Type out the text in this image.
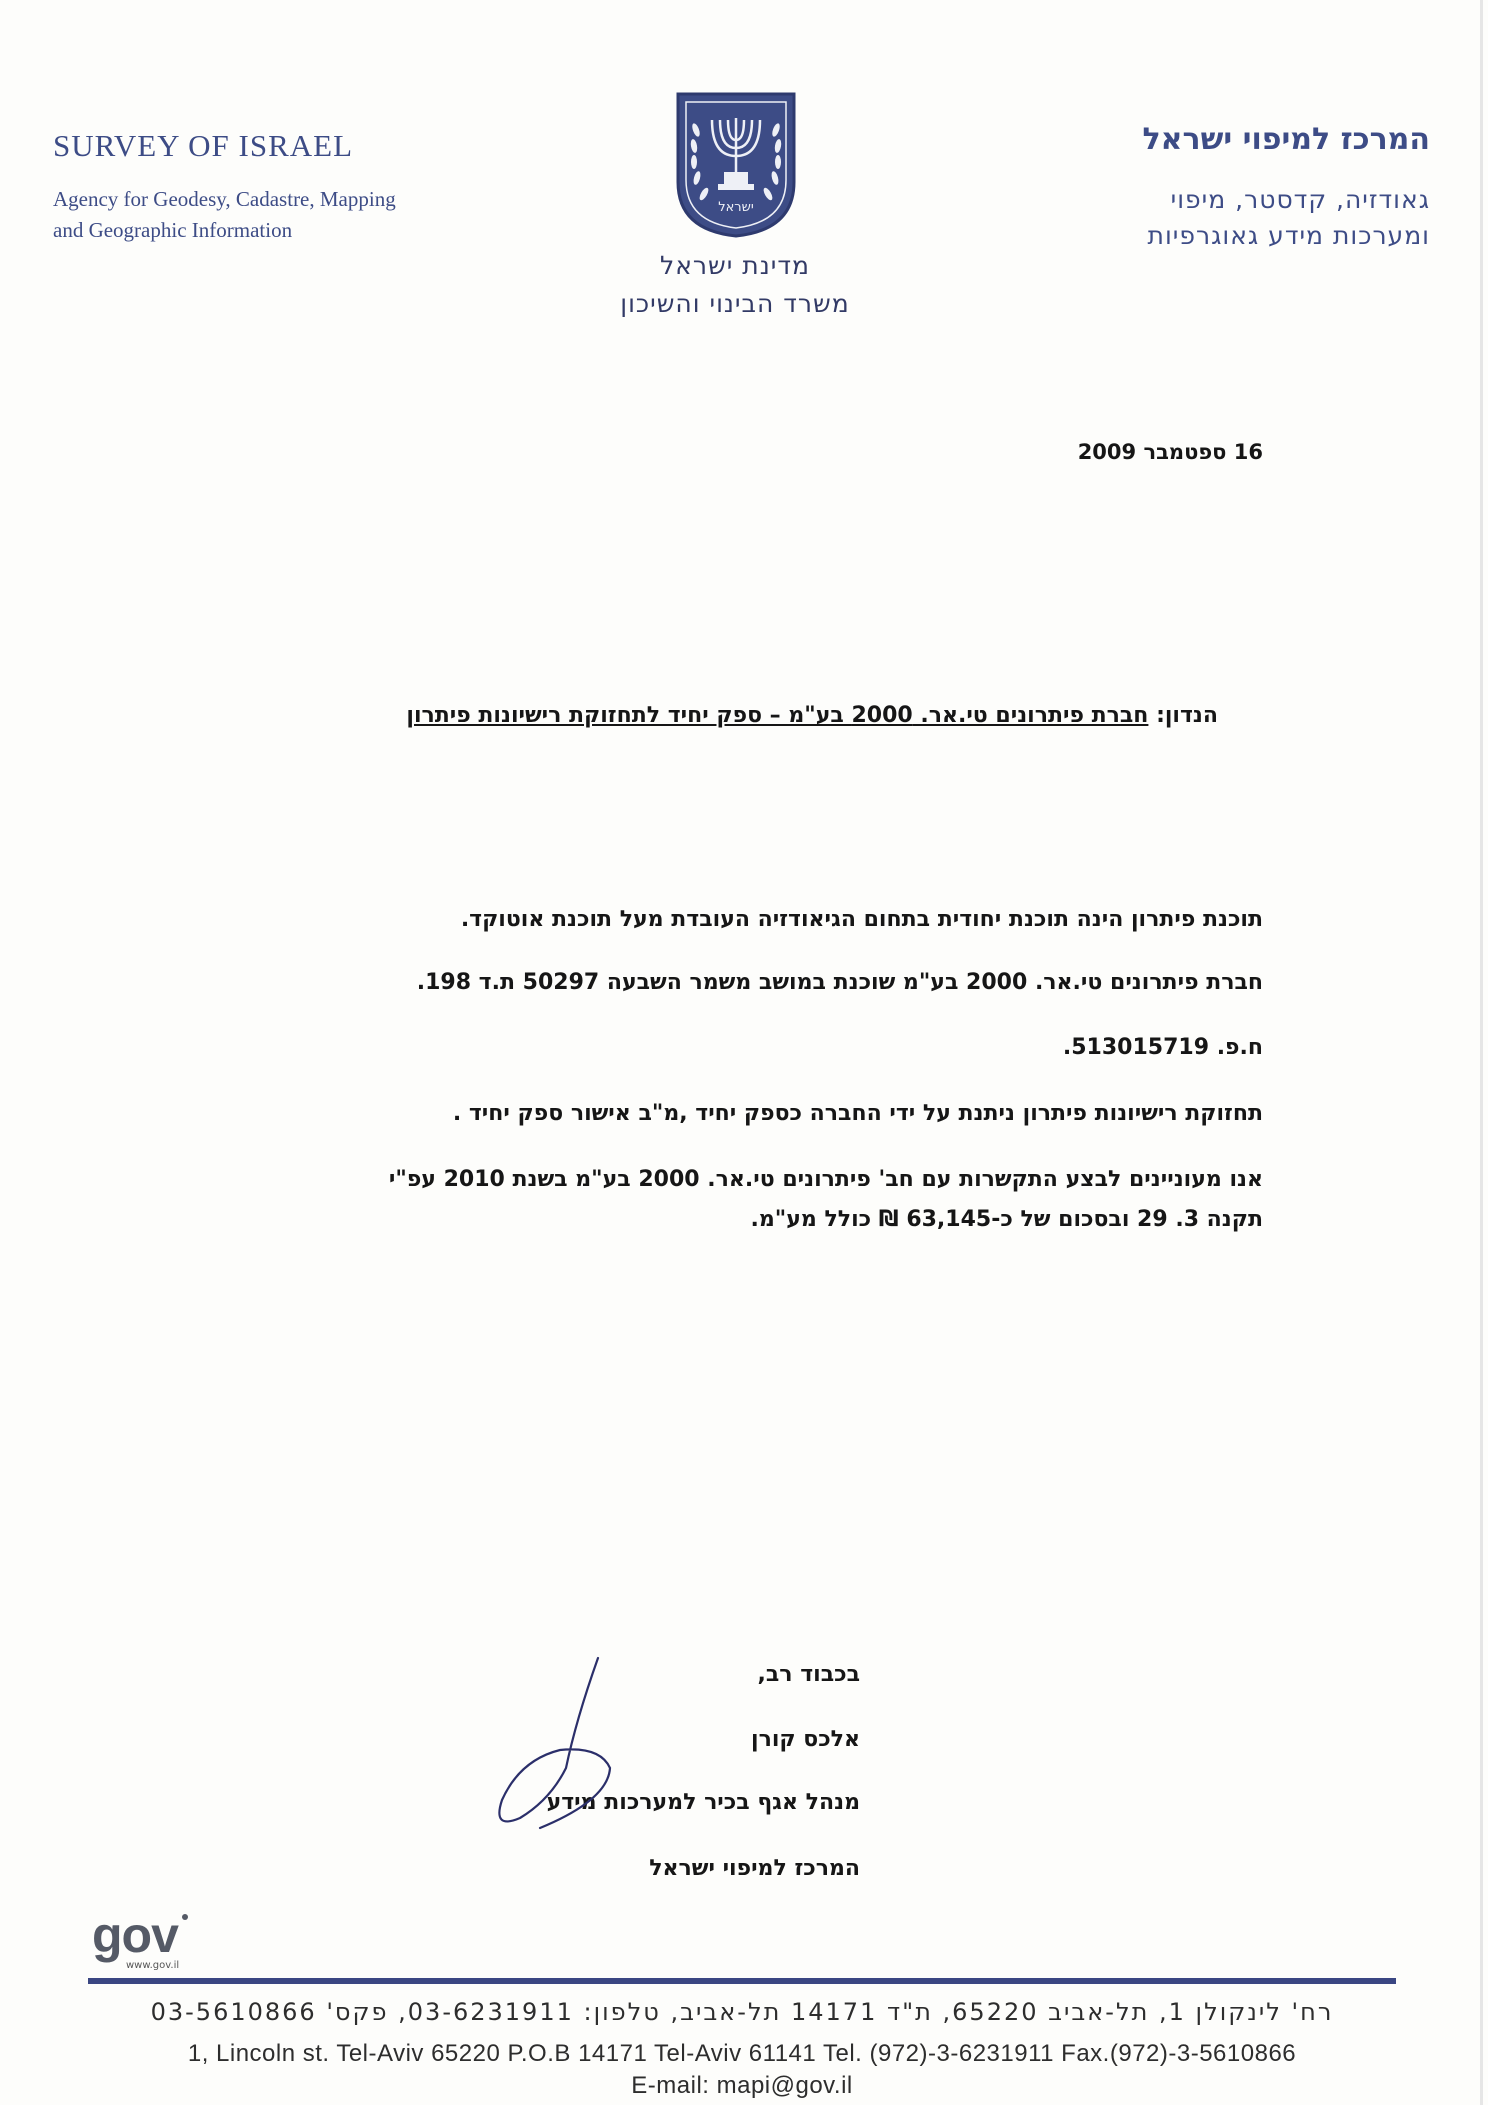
SURVEY OF ISRAEL
Agency for Geodesy, Cadastre, Mapping
and Geographic Information
ישראל
מדינת ישראל
משרד הבינוי והשיכון
המרכז למיפוי ישראל
גאודזיה, קדסטר, מיפוי
ומערכות מידע גאוגרפיות
16 ספטמבר 2009
הנדון: חברת פיתרונים טי.אר. 2000 בע"מ – ספק יחיד לתחזוקת רישיונות פיתרון
תוכנת פיתרון הינה תוכנת יחודית בתחום הגיאודזיה העובדת מעל תוכנת אוטוקד.
חברת פיתרונים טי.אר. 2000 בע"מ שוכנת במושב משמר השבעה 50297 ת.ד 198.
ח.פ. 513015719.
תחזוקת רישיונות פיתרון ניתנת על ידי החברה כספק יחיד ,מ"ב אישור ספק יחיד .
אנו מעוניינים לבצע התקשרות עם חב' פיתרונים טי.אר. 2000 בע"מ בשנת 2010 עפ"י
תקנה 3. 29 ובסכום של כ-63,145 ₪ כולל מע"מ.
בכבוד רב,
אלכס קורן
מנהל אגף בכיר למערכות מידע
המרכז למיפוי ישראל
gov
www.gov.il
רח' לינקולן 1, תל-אביב 65220, ת"ד 14171 תל-אביב, טלפון: 03-6231911, פקס' 03-5610866
1, Lincoln st. Tel-Aviv 65220 P.O.B 14171 Tel-Aviv 61141 Tel. (972)-3-6231911 Fax.(972)-3-5610866
E-mail: mapi@gov.il
